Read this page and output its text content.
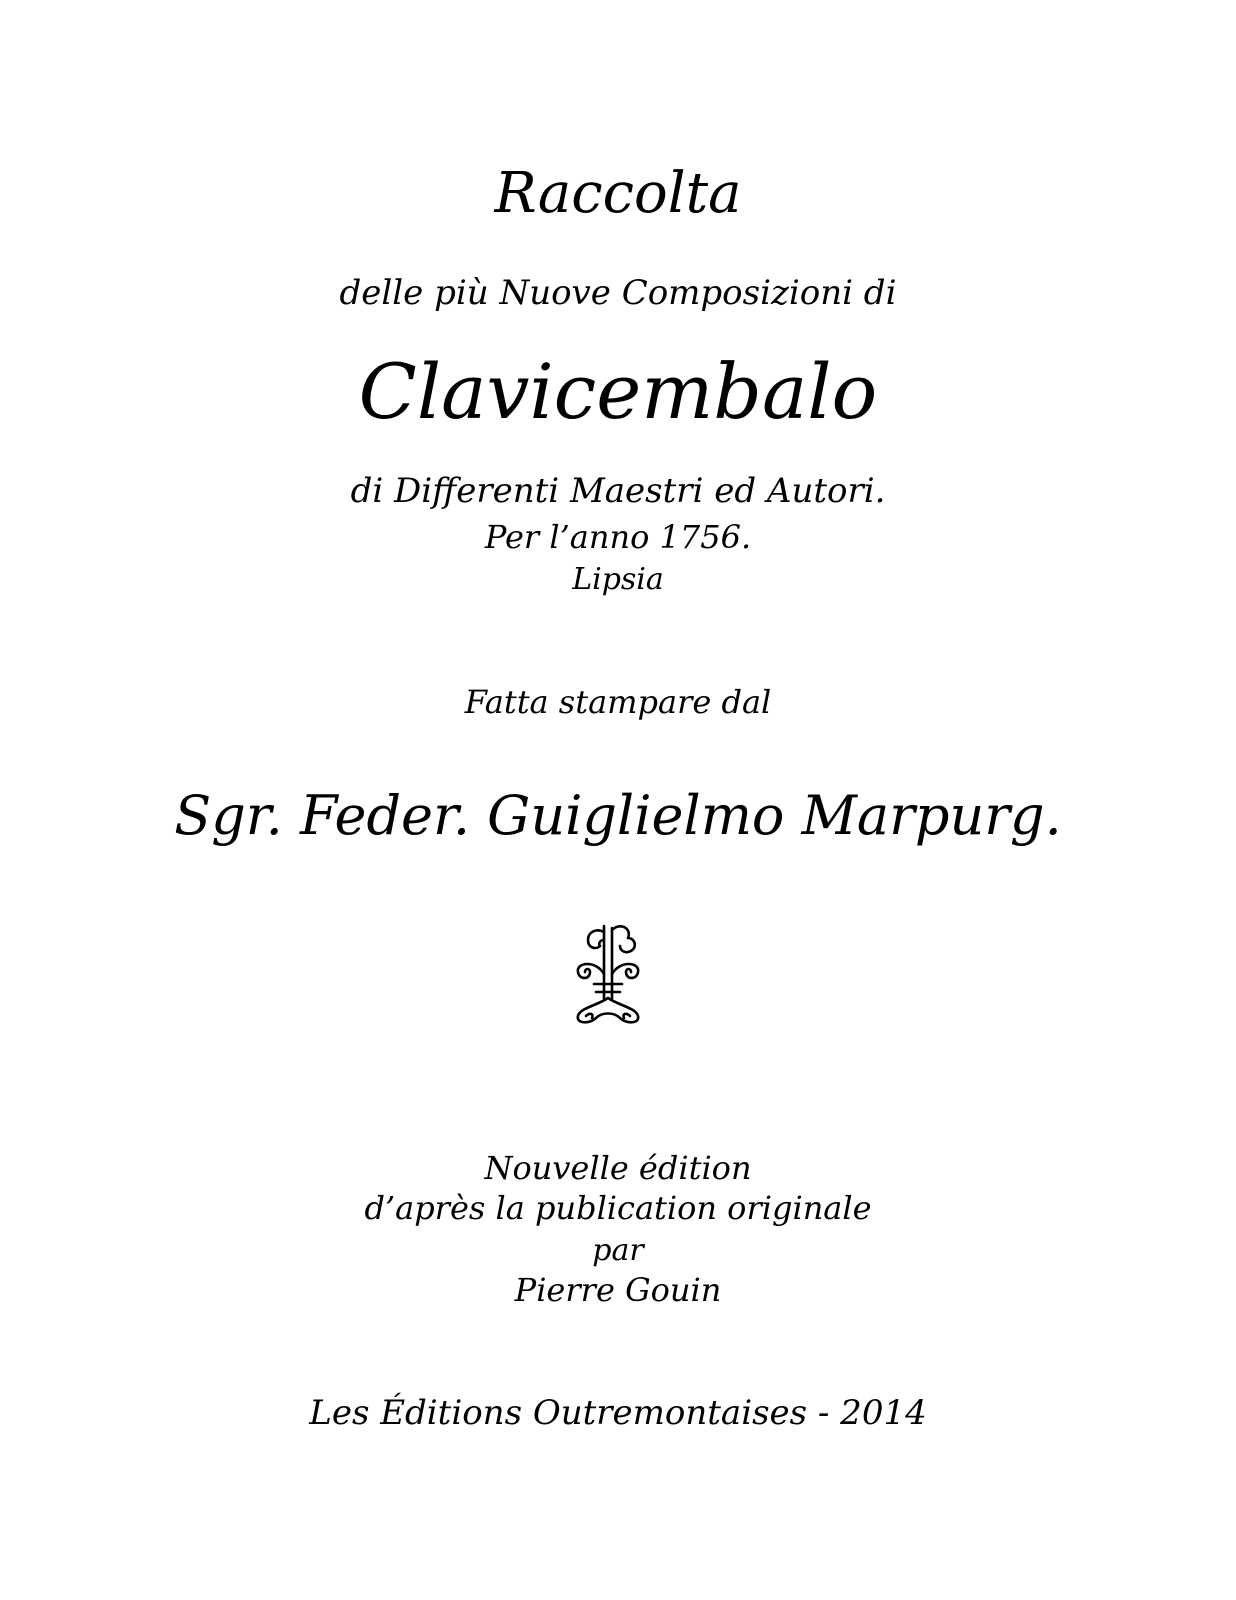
Raccolta
delle più Nuove Composizioni di
Clavicembalo
di Differenti Maestri ed Autori.
Per l’anno 1756.
Lipsia
Fatta stampare dal
Sgr. Feder. Guiglielmo Marpurg.
Nouvelle édition
d’après la publication originale
par
Pierre Gouin
Les Éditions Outremontaises - 2014
